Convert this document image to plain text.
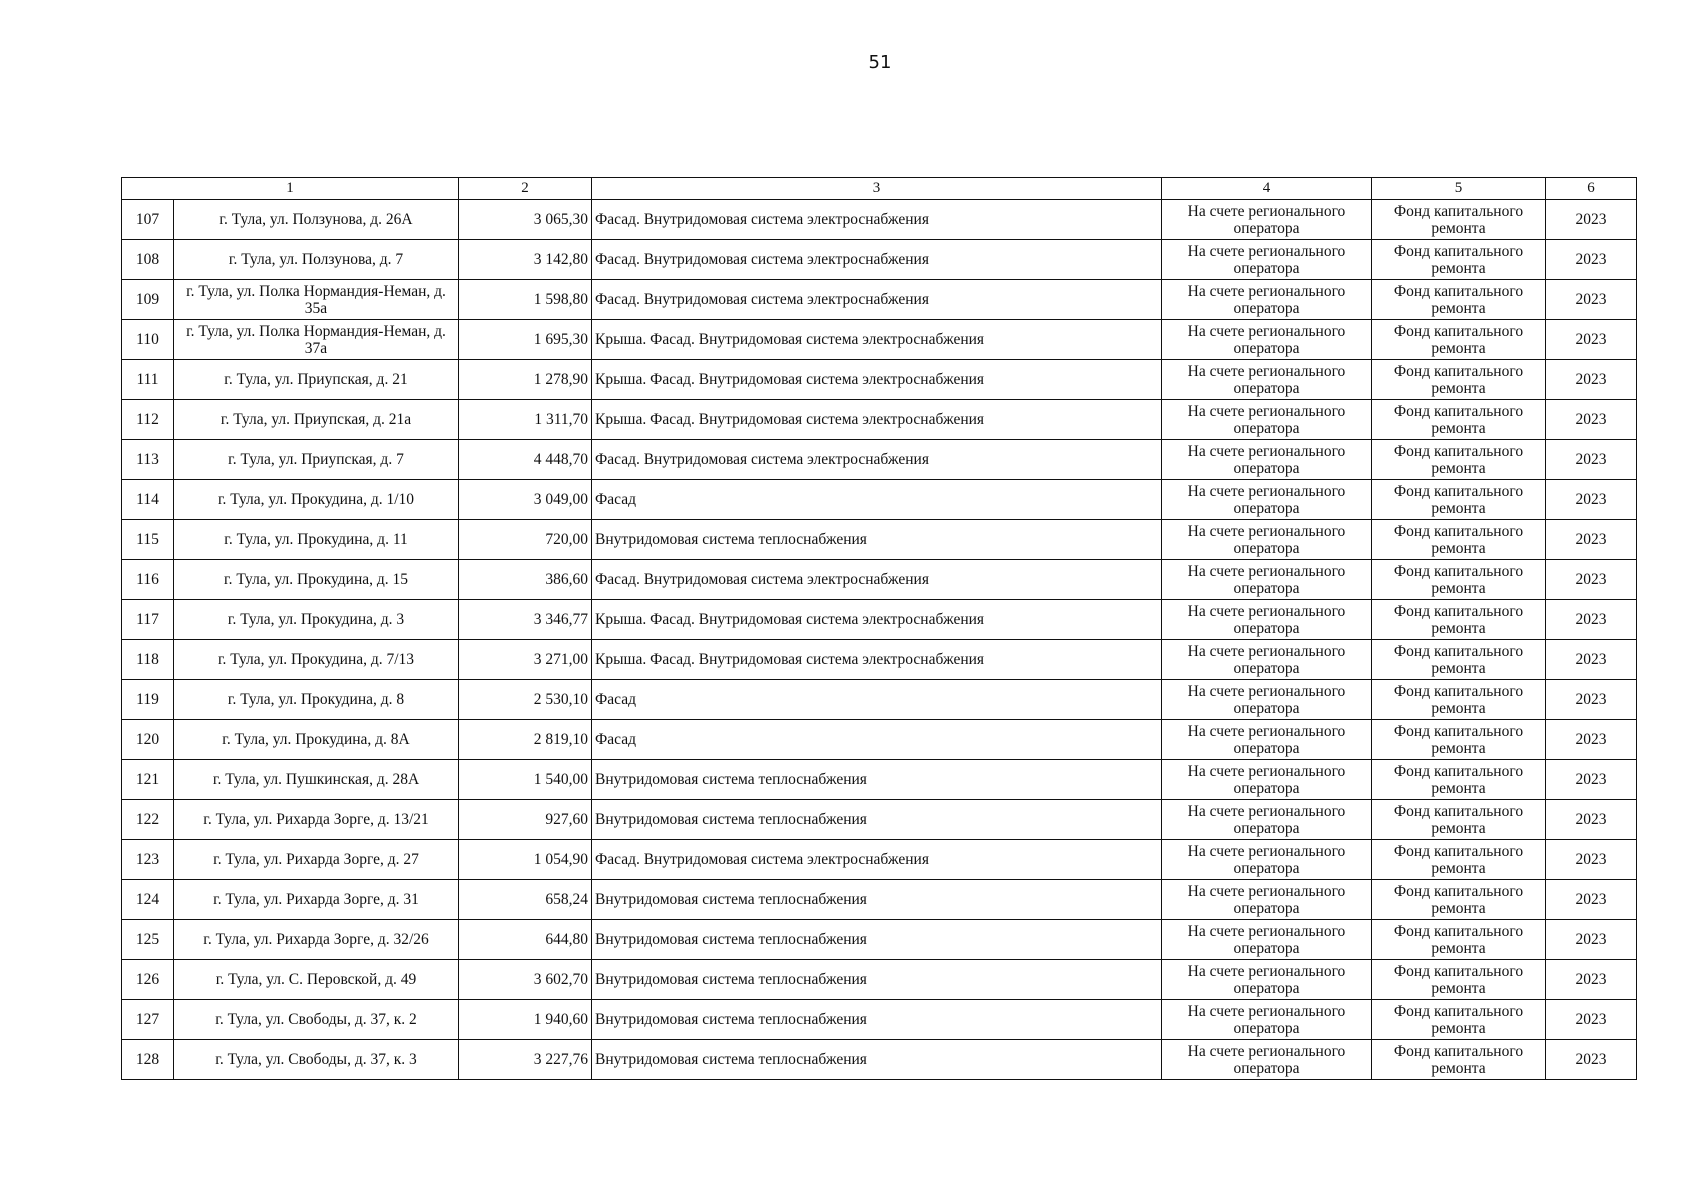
51
1		2	3	4	5	6
107	г. Тула, ул. Ползунова, д. 26А	3 065,30	Фасад. Внутридомовая система электроснабжения	На счете регионального оператора	Фонд капитального ремонта	2023
108	г. Тула, ул. Ползунова, д. 7	3 142,80	Фасад. Внутридомовая система электроснабжения	На счете регионального оператора	Фонд капитального ремонта	2023
109	г. Тула, ул. Полка Нормандия-Неман, д. 35а	1 598,80	Фасад. Внутридомовая система электроснабжения	На счете регионального оператора	Фонд капитального ремонта	2023
110	г. Тула, ул. Полка Нормандия-Неман, д. 37а	1 695,30	Крыша. Фасад. Внутридомовая система электроснабжения	На счете регионального оператора	Фонд капитального ремонта	2023
111	г. Тула, ул. Приупская, д. 21	1 278,90	Крыша. Фасад. Внутридомовая система электроснабжения	На счете регионального оператора	Фонд капитального ремонта	2023
112	г. Тула, ул. Приупская, д. 21а	1 311,70	Крыша. Фасад. Внутридомовая система электроснабжения	На счете регионального оператора	Фонд капитального ремонта	2023
113	г. Тула, ул. Приупская, д. 7	4 448,70	Фасад. Внутридомовая система электроснабжения	На счете регионального оператора	Фонд капитального ремонта	2023
114	г. Тула, ул. Прокудина, д. 1/10	3 049,00	Фасад	На счете регионального оператора	Фонд капитального ремонта	2023
115	г. Тула, ул. Прокудина, д. 11	720,00	Внутридомовая система теплоснабжения	На счете регионального оператора	Фонд капитального ремонта	2023
116	г. Тула, ул. Прокудина, д. 15	386,60	Фасад. Внутридомовая система электроснабжения	На счете регионального оператора	Фонд капитального ремонта	2023
117	г. Тула, ул. Прокудина, д. 3	3 346,77	Крыша. Фасад. Внутридомовая система электроснабжения	На счете регионального оператора	Фонд капитального ремонта	2023
118	г. Тула, ул. Прокудина, д. 7/13	3 271,00	Крыша. Фасад. Внутридомовая система электроснабжения	На счете регионального оператора	Фонд капитального ремонта	2023
119	г. Тула, ул. Прокудина, д. 8	2 530,10	Фасад	На счете регионального оператора	Фонд капитального ремонта	2023
120	г. Тула, ул. Прокудина, д. 8А	2 819,10	Фасад	На счете регионального оператора	Фонд капитального ремонта	2023
121	г. Тула, ул. Пушкинская, д. 28А	1 540,00	Внутридомовая система теплоснабжения	На счете регионального оператора	Фонд капитального ремонта	2023
122	г. Тула, ул. Рихарда Зорге, д. 13/21	927,60	Внутридомовая система теплоснабжения	На счете регионального оператора	Фонд капитального ремонта	2023
123	г. Тула, ул. Рихарда Зорге, д. 27	1 054,90	Фасад. Внутридомовая система электроснабжения	На счете регионального оператора	Фонд капитального ремонта	2023
124	г. Тула, ул. Рихарда Зорге, д. 31	658,24	Внутридомовая система теплоснабжения	На счете регионального оператора	Фонд капитального ремонта	2023
125	г. Тула, ул. Рихарда Зорге, д. 32/26	644,80	Внутридомовая система теплоснабжения	На счете регионального оператора	Фонд капитального ремонта	2023
126	г. Тула, ул. С. Перовской, д. 49	3 602,70	Внутридомовая система теплоснабжения	На счете регионального оператора	Фонд капитального ремонта	2023
127	г. Тула, ул. Свободы, д. 37, к. 2	1 940,60	Внутридомовая система теплоснабжения	На счете регионального оператора	Фонд капитального ремонта	2023
128	г. Тула, ул. Свободы, д. 37, к. 3	3 227,76	Внутридомовая система теплоснабжения	На счете регионального оператора	Фонд капитального ремонта	2023
